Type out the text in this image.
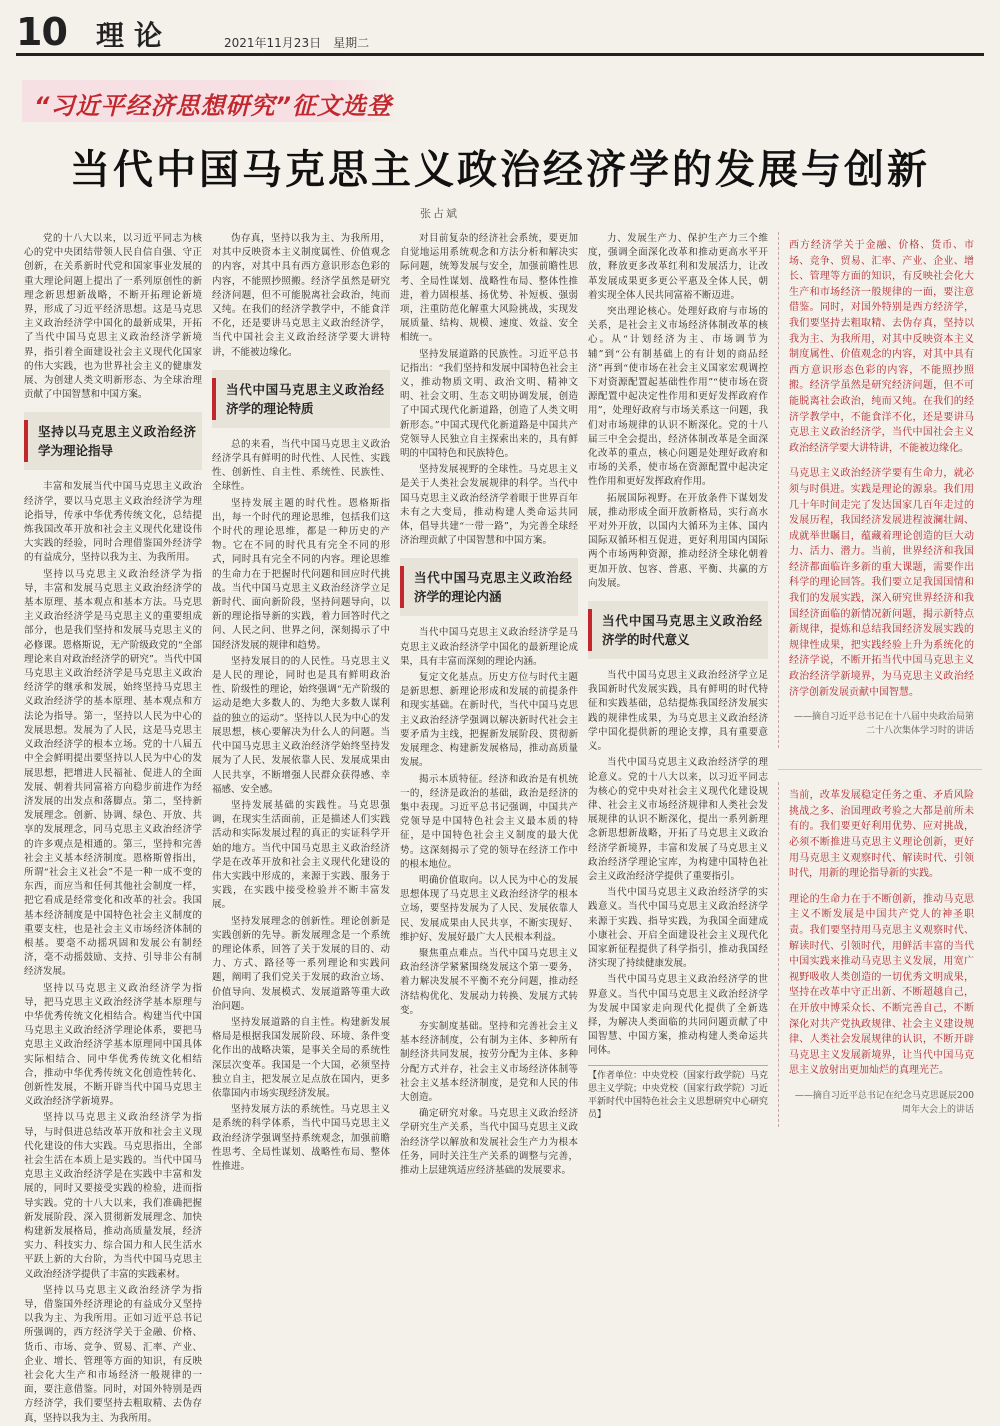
10 理论	2021年11月23日　星期二
“习近平经济思想研究”征文选登
当代中国马克思主义政治经济学的发展与创新
张占斌

党的十八大以来，以习近平同志为核心的党中央团结带领人民自信自强、守正创新，在关系新时代党和国家事业发展的重大理论问题上提出了一系列原创性的新理念新思想新战略，不断开拓理论新境界，形成了习近平经济思想。这是马克思主义政治经济学中国化的最新成果，开拓了当代中国马克思主义政治经济学新境界，指引着全面建设社会主义现代化国家的伟大实践，也为世界社会主义的健康发展、为创建人类文明新形态、为全球治理贡献了中国智慧和中国方案。

坚持以马克思主义政治经济学为理论指导

丰富和发展当代中国马克思主义政治经济学，要以马克思主义政治经济学为理论指导，传承中华优秀传统文化，总结提炼我国改革开放和社会主义现代化建设伟大实践的经验，同时合理借鉴国外经济学的有益成分，坚持以我为主、为我所用。

坚持以马克思主义政治经济学为指导，丰富和发展马克思主义政治经济学的基本原理、基本观点和基本方法。马克思主义政治经济学是马克思主义的重要组成部分，也是我们坚持和发展马克思主义的必修课。恩格斯说，无产阶级政党的“全部理论来自对政治经济学的研究”。当代中国马克思主义政治经济学是马克思主义政治经济学的继承和发展，始终坚持马克思主义政治经济学的基本原理、基本观点和方法论为指导。第一，坚持以人民为中心的发展思想。发展为了人民，这是马克思主义政治经济学的根本立场。党的十八届五中全会鲜明提出要坚持以人民为中心的发展思想，把增进人民福祉、促进人的全面发展、朝着共同富裕方向稳步前进作为经济发展的出发点和落脚点。第二，坚持新发展理念。创新、协调、绿色、开放、共享的发展理念，同马克思主义政治经济学的许多观点是相通的。第三，坚持和完善社会主义基本经济制度。恩格斯曾指出，所谓“社会主义社会”不是一种一成不变的东西，而应当和任何其他社会制度一样，把它看成是经常变化和改革的社会。我国基本经济制度是中国特色社会主义制度的重要支柱，也是社会主义市场经济体制的根基。要毫不动摇巩固和发展公有制经济，毫不动摇鼓励、支持、引导非公有制经济发展。

坚持以马克思主义政治经济学为指导，把马克思主义政治经济学基本原理与中华优秀传统文化相结合。构建当代中国马克思主义政治经济学理论体系，要把马克思主义政治经济学基本原理同中国具体实际相结合、同中华优秀传统文化相结合，推动中华优秀传统文化创造性转化、创新性发展，不断开辟当代中国马克思主义政治经济学新境界。

坚持以马克思主义政治经济学为指导，与时俱进总结改革开放和社会主义现代化建设的伟大实践。马克思指出，全部社会生活在本质上是实践的。当代中国马克思主义政治经济学是在实践中丰富和发展的，同时又要接受实践的检验，进而指导实践。党的十八大以来，我们准确把握新发展阶段、深入贯彻新发展理念、加快构建新发展格局，推动高质量发展，经济实力、科技实力、综合国力和人民生活水平跃上新的大台阶，为当代中国马克思主义政治经济学提供了丰富的实践素材。

坚持以马克思主义政治经济学为指导，借鉴国外经济理论的有益成分又坚持以我为主、为我所用。正如习近平总书记所强调的，西方经济学关于金融、价格、货币、市场、竞争、贸易、汇率、产业、企业、增长、管理等方面的知识，有反映社会化大生产和市场经济一般规律的一面，要注意借鉴。同时，对国外特别是西方经济学，我们要坚持去粗取精、去伪存真，坚持以我为主、为我所用。

伪存真，坚持以我为主、为我所用，对其中反映资本主义制度属性、价值观念的内容，对其中具有西方意识形态色彩的内容，不能照抄照搬。经济学虽然是研究经济问题，但不可能脱离社会政治，纯而又纯。在我们的经济学教学中，不能食洋不化，还是要讲马克思主义政治经济学，当代中国社会主义政治经济学要大讲特讲，不能被边缘化。

当代中国马克思主义政治经济学的理论特质

总的来看，当代中国马克思主义政治经济学具有鲜明的时代性、人民性、实践性、创新性、自主性、系统性、民族性、全球性。

坚持发展主题的时代性。恩格斯指出，每一个时代的理论思维，包括我们这个时代的理论思维，都是一种历史的产物。它在不同的时代具有完全不同的形式，同时具有完全不同的内容。理论思维的生命力在于把握时代问题和回应时代挑战。当代中国马克思主义政治经济学立足新时代、面向新阶段，坚持问题导向，以新的理论指导新的实践，着力回答时代之问、人民之问、世界之问，深刻揭示了中国经济发展的规律和趋势。

坚持发展目的的人民性。马克思主义是人民的理论，同时也是具有鲜明政治性、阶级性的理论，始终强调“无产阶级的运动是绝大多数人的、为绝大多数人谋利益的独立的运动”。坚持以人民为中心的发展思想，核心要解决为什么人的问题。当代中国马克思主义政治经济学始终坚持发展为了人民、发展依靠人民、发展成果由人民共享，不断增强人民群众获得感、幸福感、安全感。

坚持发展基础的实践性。马克思强调，在现实生活面前，正是描述人们实践活动和实际发展过程的真正的实证科学开始的地方。当代中国马克思主义政治经济学是在改革开放和社会主义现代化建设的伟大实践中形成的，来源于实践、服务于实践，在实践中接受检验并不断丰富发展。

坚持发展理念的创新性。理论创新是实践创新的先导。新发展理念是一个系统的理论体系，回答了关于发展的目的、动力、方式、路径等一系列理论和实践问题，阐明了我们党关于发展的政治立场、价值导向、发展模式、发展道路等重大政治问题。

坚持发展道路的自主性。构建新发展格局是根据我国发展阶段、环境、条件变化作出的战略决策，是事关全局的系统性深层次变革。我国是一个大国，必须坚持独立自主，把发展立足点放在国内，更多依靠国内市场实现经济发展。

坚持发展方法的系统性。马克思主义是系统的科学体系，当代中国马克思主义政治经济学强调坚持系统观念，加强前瞻性思考、全局性谋划、战略性布局、整体性推进。

对目前复杂的经济社会系统，要更加自觉地运用系统观念和方法分析和解决实际问题，统筹发展与安全，加强前瞻性思考、全局性谋划、战略性布局、整体性推进，着力固根基、扬优势、补短板、强弱项，注重防范化解重大风险挑战，实现发展质量、结构、规模、速度、效益、安全相统一。

坚持发展道路的民族性。习近平总书记指出：“我们坚持和发展中国特色社会主义，推动物质文明、政治文明、精神文明、社会文明、生态文明协调发展，创造了中国式现代化新道路，创造了人类文明新形态。”中国式现代化新道路是中国共产党领导人民独立自主探索出来的，具有鲜明的中国特色和民族特色。

坚持发展视野的全球性。马克思主义是关于人类社会发展规律的科学。当代中国马克思主义政治经济学着眼于世界百年未有之大变局，推动构建人类命运共同体，倡导共建“一带一路”，为完善全球经济治理贡献了中国智慧和中国方案。

当代中国马克思主义政治经济学的理论内涵

当代中国马克思主义政治经济学是马克思主义政治经济学中国化的最新理论成果，具有丰富而深刻的理论内涵。

复定文化基点。历史方位与时代主题是新思想、新理论形成和发展的前提条件和现实基础。在新时代，当代中国马克思主义政治经济学强调以解决新时代社会主要矛盾为主线，把握新发展阶段、贯彻新发展理念、构建新发展格局，推动高质量发展。

揭示本质特征。经济和政治是有机统一的，经济是政治的基础，政治是经济的集中表现。习近平总书记强调，中国共产党领导是中国特色社会主义最本质的特征，是中国特色社会主义制度的最大优势。这深刻揭示了党的领导在经济工作中的根本地位。

明确价值取向。以人民为中心的发展思想体现了马克思主义政治经济学的根本立场，要坚持发展为了人民、发展依靠人民、发展成果由人民共享，不断实现好、维护好、发展好最广大人民根本利益。

聚焦重点难点。当代中国马克思主义政治经济学紧紧围绕发展这个第一要务，着力解决发展不平衡不充分问题，推动经济结构优化、发展动力转换、发展方式转变。

夯实制度基础。坚持和完善社会主义基本经济制度，公有制为主体、多种所有制经济共同发展，按劳分配为主体、多种分配方式并存，社会主义市场经济体制等社会主义基本经济制度，是党和人民的伟大创造。

确定研究对象。马克思主义政治经济学研究生产关系，当代中国马克思主义政治经济学以解放和发展社会生产力为根本任务，同时关注生产关系的调整与完善，推动上层建筑适应经济基础的发展要求。

力、发展生产力、保护生产力三个维度，强调全面深化改革和推动更高水平开放，释放更多改革红利和发展活力，让改革发展成果更多更公平惠及全体人民，朝着实现全体人民共同富裕不断迈进。

突出理论核心。处理好政府与市场的关系，是社会主义市场经济体制改革的核心。从“计划经济为主、市场调节为辅”到“公有制基础上的有计划的商品经济”再到“使市场在社会主义国家宏观调控下对资源配置起基础性作用”“使市场在资源配置中起决定性作用和更好发挥政府作用”，处理好政府与市场关系这一问题，我们对市场规律的认识不断深化。党的十八届三中全会提出，经济体制改革是全面深化改革的重点，核心问题是处理好政府和市场的关系，使市场在资源配置中起决定性作用和更好发挥政府作用。

拓展国际视野。在开放条件下谋划发展，推动形成全面开放新格局，实行高水平对外开放，以国内大循环为主体、国内国际双循环相互促进，更好利用国内国际两个市场两种资源，推动经济全球化朝着更加开放、包容、普惠、平衡、共赢的方向发展。

当代中国马克思主义政治经济学的时代意义

当代中国马克思主义政治经济学立足我国新时代发展实践，具有鲜明的时代特征和实践基础，总结提炼我国经济发展实践的规律性成果，为马克思主义政治经济学中国化提供新的理论支撑，具有重要意义。

当代中国马克思主义政治经济学的理论意义。党的十八大以来，以习近平同志为核心的党中央对社会主义现代化建设规律、社会主义市场经济规律和人类社会发展规律的认识不断深化，提出一系列新理念新思想新战略，开拓了马克思主义政治经济学新境界，丰富和发展了马克思主义政治经济学理论宝库，为构建中国特色社会主义政治经济学提供了重要指引。

当代中国马克思主义政治经济学的实践意义。当代中国马克思主义政治经济学来源于实践、指导实践，为我国全面建成小康社会、开启全面建设社会主义现代化国家新征程提供了科学指引，推动我国经济实现了持续健康发展。

当代中国马克思主义政治经济学的世界意义。当代中国马克思主义政治经济学为发展中国家走向现代化提供了全新选择，为解决人类面临的共同问题贡献了中国智慧、中国方案，推动构建人类命运共同体。

【作者单位：中央党校（国家行政学院）马克思主义学院；中央党校（国家行政学院）习近平新时代中国特色社会主义思想研究中心研究员】

西方经济学关于金融、价格、货币、市场、竞争、贸易、汇率、产业、企业、增长、管理等方面的知识，有反映社会化大生产和市场经济一般规律的一面，要注意借鉴。同时，对国外特别是西方经济学，我们要坚持去粗取精、去伪存真，坚持以我为主、为我所用，对其中反映资本主义制度属性、价值观念的内容，对其中具有西方意识形态色彩的内容，不能照抄照搬。经济学虽然是研究经济问题，但不可能脱离社会政治，纯而又纯。在我们的经济学教学中，不能食洋不化，还是要讲马克思主义政治经济学，当代中国社会主义政治经济学要大讲特讲，不能被边缘化。

马克思主义政治经济学要有生命力，就必须与时俱进。实践是理论的源泉。我们用几十年时间走完了发达国家几百年走过的发展历程，我国经济发展进程波澜壮阔、成就举世瞩目，蕴藏着理论创造的巨大动力、活力、潜力。当前，世界经济和我国经济都面临许多新的重大课题，需要作出科学的理论回答。我们要立足我国国情和我们的发展实践，深入研究世界经济和我国经济面临的新情况新问题，揭示新特点新规律，提炼和总结我国经济发展实践的规律性成果，把实践经验上升为系统化的经济学说，不断开拓当代中国马克思主义政治经济学新境界，为马克思主义政治经济学创新发展贡献中国智慧。

——摘自习近平总书记在十八届中央政治局第二十八次集体学习时的讲话

当前，改革发展稳定任务之重、矛盾风险挑战之多、治国理政考验之大都是前所未有的。我们要更好利用优势、应对挑战，必须不断推进马克思主义理论创新，更好用马克思主义观察时代、解读时代、引领时代，用新的理论指导新的实践。

理论的生命力在于不断创新，推动马克思主义不断发展是中国共产党人的神圣职责。我们要坚持用马克思主义观察时代、解读时代、引领时代，用鲜活丰富的当代中国实践来推动马克思主义发展，用宽广视野吸收人类创造的一切优秀文明成果，坚持在改革中守正出新、不断超越自己，在开放中博采众长、不断完善自己，不断深化对共产党执政规律、社会主义建设规律、人类社会发展规律的认识，不断开辟马克思主义发展新境界，让当代中国马克思主义放射出更加灿烂的真理光芒。

——摘自习近平总书记在纪念马克思诞辰200周年大会上的讲话
